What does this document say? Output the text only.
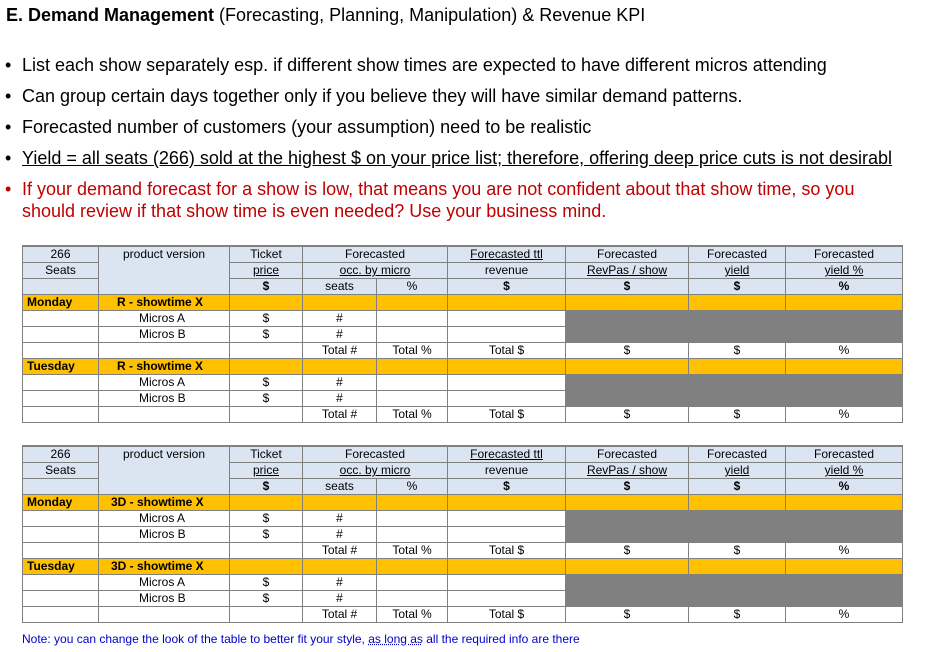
E. Demand Management (Forecasting, Planning, Manipulation) & Revenue KPI
• List each show separately esp. if different show times are expected to have different micros attending
• Can group certain days together only if you believe they will have similar demand patterns.
• Forecasted number of customers (your assumption) need to be realistic
• Yield = all seats (266) sold at the highest $ on your price list; therefore, offering deep price cuts is not desirabl
• If your demand forecast for a show is low, that means you are not confident about that show time, so you should review if that show time is even needed? Use your business mind.
266	product version	Ticket	Forecasted		Forecasted ttl	Forecasted	Forecasted	Forecasted
Seats		price	occ. by micro		revenue	RevPas / show	yield	yield %
		$	seats	%	$	$	$	%
Monday	R - showtime X							
	Micros A	$	#					
	Micros B	$	#					
			Total #	Total %	Total $	$	$	%
Tuesday	R - showtime X							
	Micros A	$	#					
	Micros B	$	#					
			Total #	Total %	Total $	$	$	%
266	product version	Ticket	Forecasted		Forecasted ttl	Forecasted	Forecasted	Forecasted
Seats		price	occ. by micro		revenue	RevPas / show	yield	yield %
		$	seats	%	$	$	$	%
Monday	3D - showtime X							
	Micros A	$	#					
	Micros B	$	#					
			Total #	Total %	Total $	$	$	%
Tuesday	3D - showtime X							
	Micros A	$	#					
	Micros B	$	#					
			Total #	Total %	Total $	$	$	%
Note: you can change the look of the table to better fit your style, as long as all the required info are there
